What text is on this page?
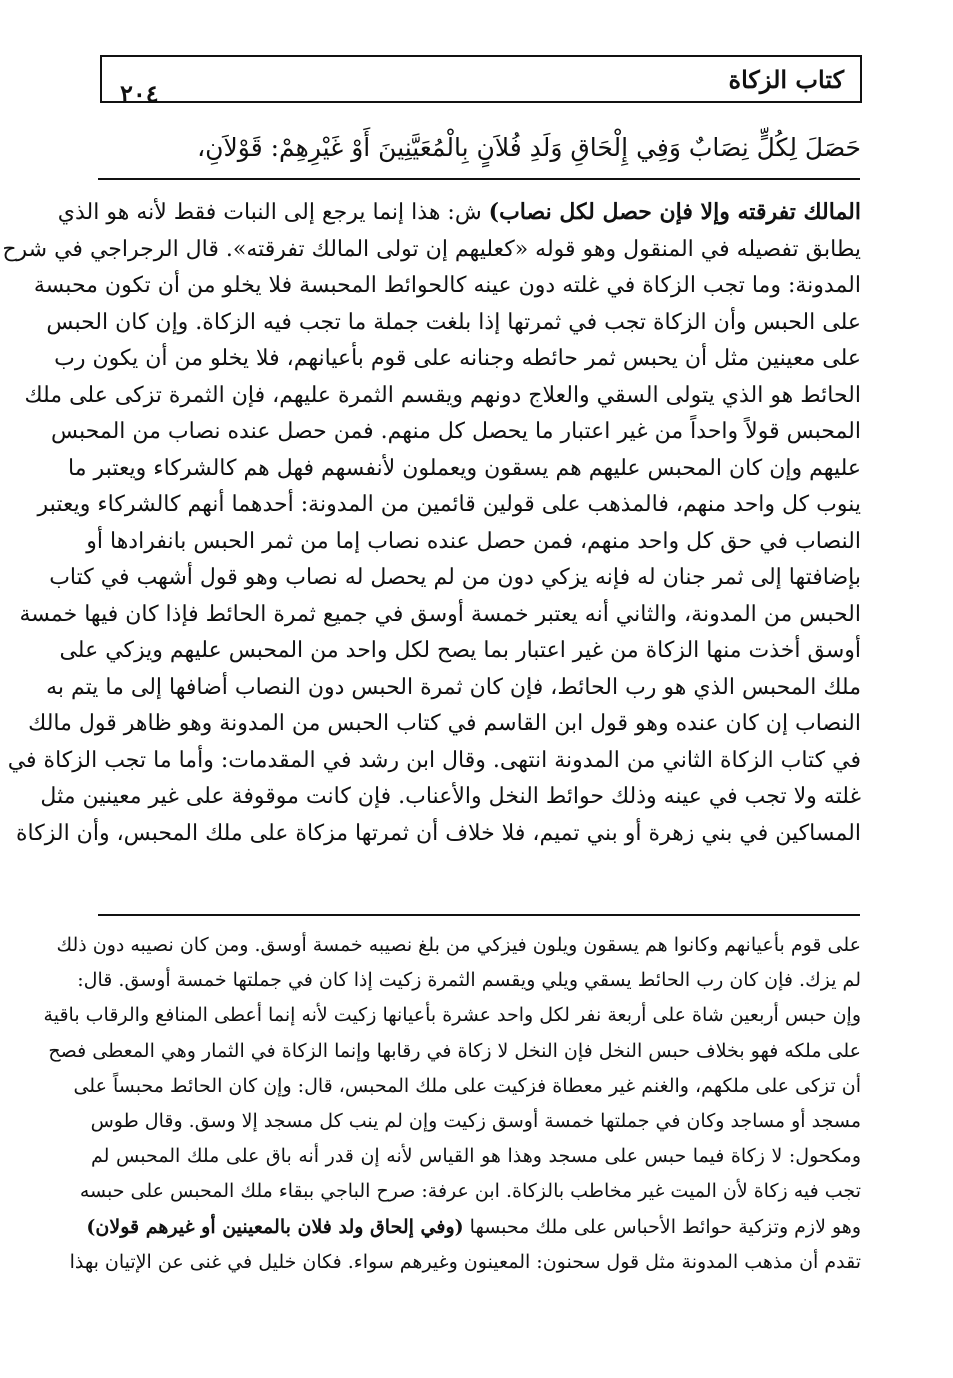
كتاب الزكاة
٢٠٤
حَصَلَ لِكُلٍّ نِصَابٌ وَفِي إِلْحَاقِ وَلَدِ فُلاَنٍ بِالْمُعَيَّنِينَ أَوْ غَيْرِهِمْ: قَوْلاَنِ،
المالك تفرقته وإلا فإن حصل لكل نصاب) ش: هذا إنما يرجع إلى النبات فقط لأنه هو الذي
يطابق تفصيله في المنقول وهو قوله «كعليهم إن تولى المالك تفرقته». قال الرجراجي في شرح
المدونة: وما تجب الزكاة في غلته دون عينه كالحوائط المحبسة فلا يخلو من أن تكون محبسة
على الحبس وأن الزكاة تجب في ثمرتها إذا بلغت جملة ما تجب فيه الزكاة. وإن كان الحبس
على معينين مثل أن يحبس ثمر حائطه وجنانه على قوم بأعيانهم، فلا يخلو من أن يكون رب
الحائط هو الذي يتولى السقي والعلاج دونهم ويقسم الثمرة عليهم، فإن الثمرة تزكى على ملك
المحبس قولاً واحداً من غير اعتبار ما يحصل كل منهم. فمن حصل عنده نصاب من المحبس
عليهم وإن كان المحبس عليهم هم يسقون ويعملون لأنفسهم فهل هم كالشركاء ويعتبر ما
ينوب كل واحد منهم، فالمذهب على قولين قائمين من المدونة: أحدهما أنهم كالشركاء ويعتبر
النصاب في حق كل واحد منهم، فمن حصل عنده نصاب إما من ثمر الحبس بانفرادها أو
بإضافتها إلى ثمر جنان له فإنه يزكي دون من لم يحصل له نصاب وهو قول أشهب في كتاب
الحبس من المدونة، والثاني أنه يعتبر خمسة أوسق في جميع ثمرة الحائط فإذا كان فيها خمسة
أوسق أخذت منها الزكاة من غير اعتبار بما يصح لكل واحد من المحبس عليهم ويزكي على
ملك المحبس الذي هو رب الحائط، فإن كان ثمرة الحبس دون النصاب أضافها إلى ما يتم به
النصاب إن كان عنده وهو قول ابن القاسم في كتاب الحبس من المدونة وهو ظاهر قول مالك
في كتاب الزكاة الثاني من المدونة انتهى. وقال ابن رشد في المقدمات: وأما ما تجب الزكاة في
غلته ولا تجب في عينه وذلك حوائط النخل والأعناب. فإن كانت موقوفة على غير معينين مثل
المساكين في بني زهرة أو بني تميم، فلا خلاف أن ثمرتها مزكاة على ملك المحبس، وأن الزكاة
على قوم بأعيانهم وكانوا هم يسقون ويلون فيزكي من بلغ نصيبه خمسة أوسق. ومن كان نصيبه دون ذلك
لم يزك. فإن كان رب الحائط يسقي ويلي ويقسم الثمرة زكيت إذا كان في جملتها خمسة أوسق. قال:
وإن حبس أربعين شاة على أربعة نفر لكل واحد عشرة بأعيانها زكيت لأنه إنما أعطى المنافع والرقاب باقية
على ملكه فهو بخلاف حبس النخل فإن النخل لا زكاة في رقابها وإنما الزكاة في الثمار وهي المعطى فصح
أن تزكى على ملكهم، والغنم غير معطاة فزكيت على ملك المحبس، قال: وإن كان الحائط محبساً على
مسجد أو مساجد وكان في جملتها خمسة أوسق زكيت وإن لم ينب كل مسجد إلا وسق. وقال طوس
ومكحول: لا زكاة فيما حبس على مسجد وهذا هو القياس لأنه إن قدر أنه باق على ملك المحبس لم
تجب فيه زكاة لأن الميت غير مخاطب بالزكاة. ابن عرفة: صرح الباجي ببقاء ملك المحبس على حبسه
وهو لازم وتزكية حوائط الأحباس على ملك محبسها (وفي إلحاق ولد فلان بالمعينين أو غيرهم قولان)
تقدم أن مذهب المدونة مثل قول سحنون: المعينون وغيرهم سواء. فكان خليل في غنى عن الإتيان بهذا
